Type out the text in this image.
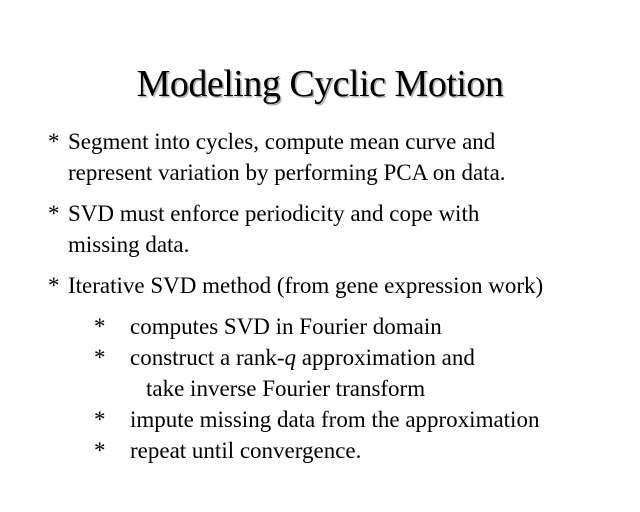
Modeling Cyclic Motion
* Segment into cycles, compute mean curve and
represent variation by performing PCA on data.
* SVD must enforce periodicity and cope with
missing data.
* Iterative SVD method (from gene expression work)
* computes SVD in Fourier domain
* construct a rank-q approximation and
take inverse Fourier transform
* impute missing data from the approximation
* repeat until convergence.
